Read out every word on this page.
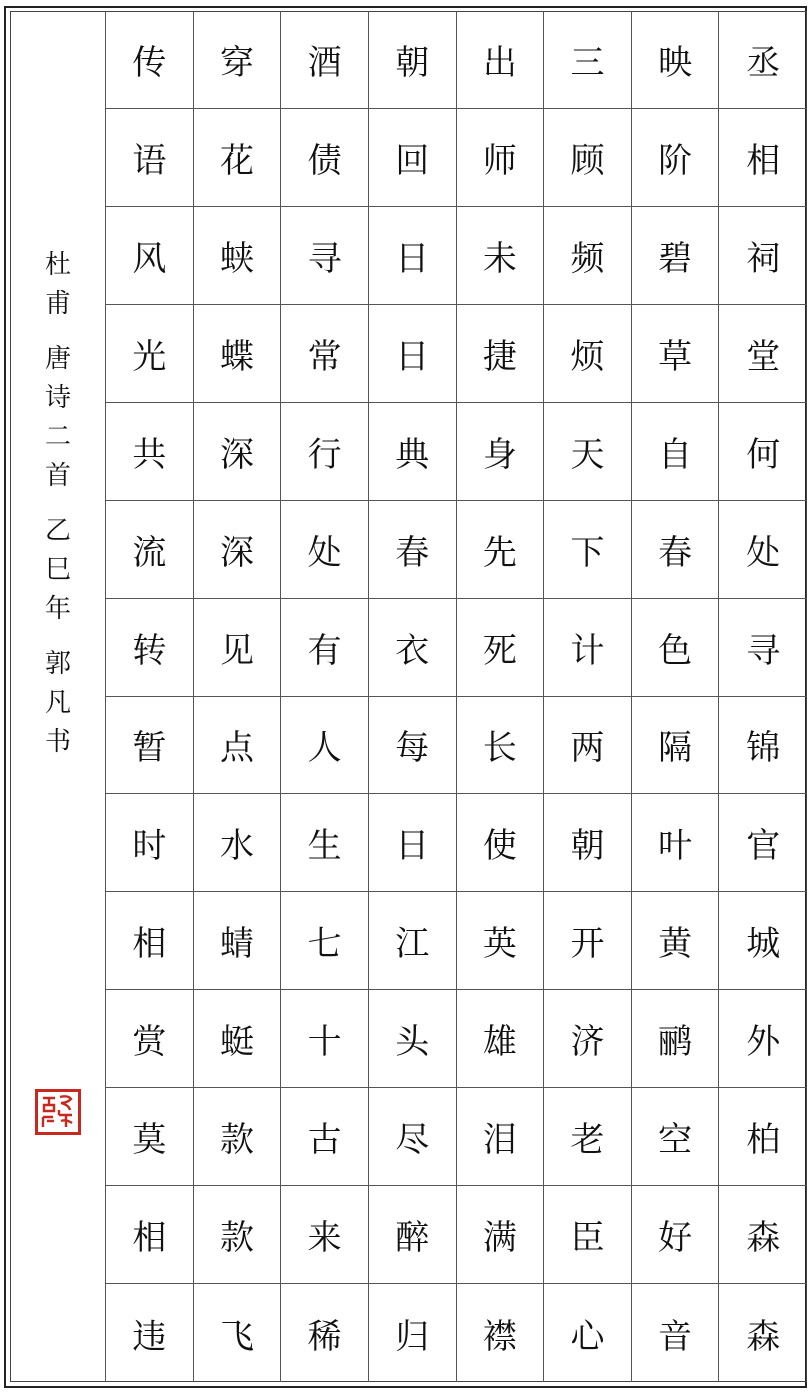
传	穿	酒	朝	出	三	映	丞
语	花	债	回	师	顾	阶	相
风	蛱	寻	日	未	频	碧	祠
光	蝶	常	日	捷	烦	草	堂
共	深	行	典	身	天	自	何
流	深	处	春	先	下	春	处
转	见	有	衣	死	计	色	寻
暂	点	人	每	长	两	隔	锦
时	水	生	日	使	朝	叶	官
相	蜻	七	江	英	开	黄	城
赏	蜓	十	头	雄	济	鹂	外
莫	款	古	尽	泪	老	空	柏
相	款	来	醉	满	臣	好	森
违	飞	稀	归	襟	心	音	森
杜
甫
唐
诗
二
首
乙
巳
年
郭
凡
书
